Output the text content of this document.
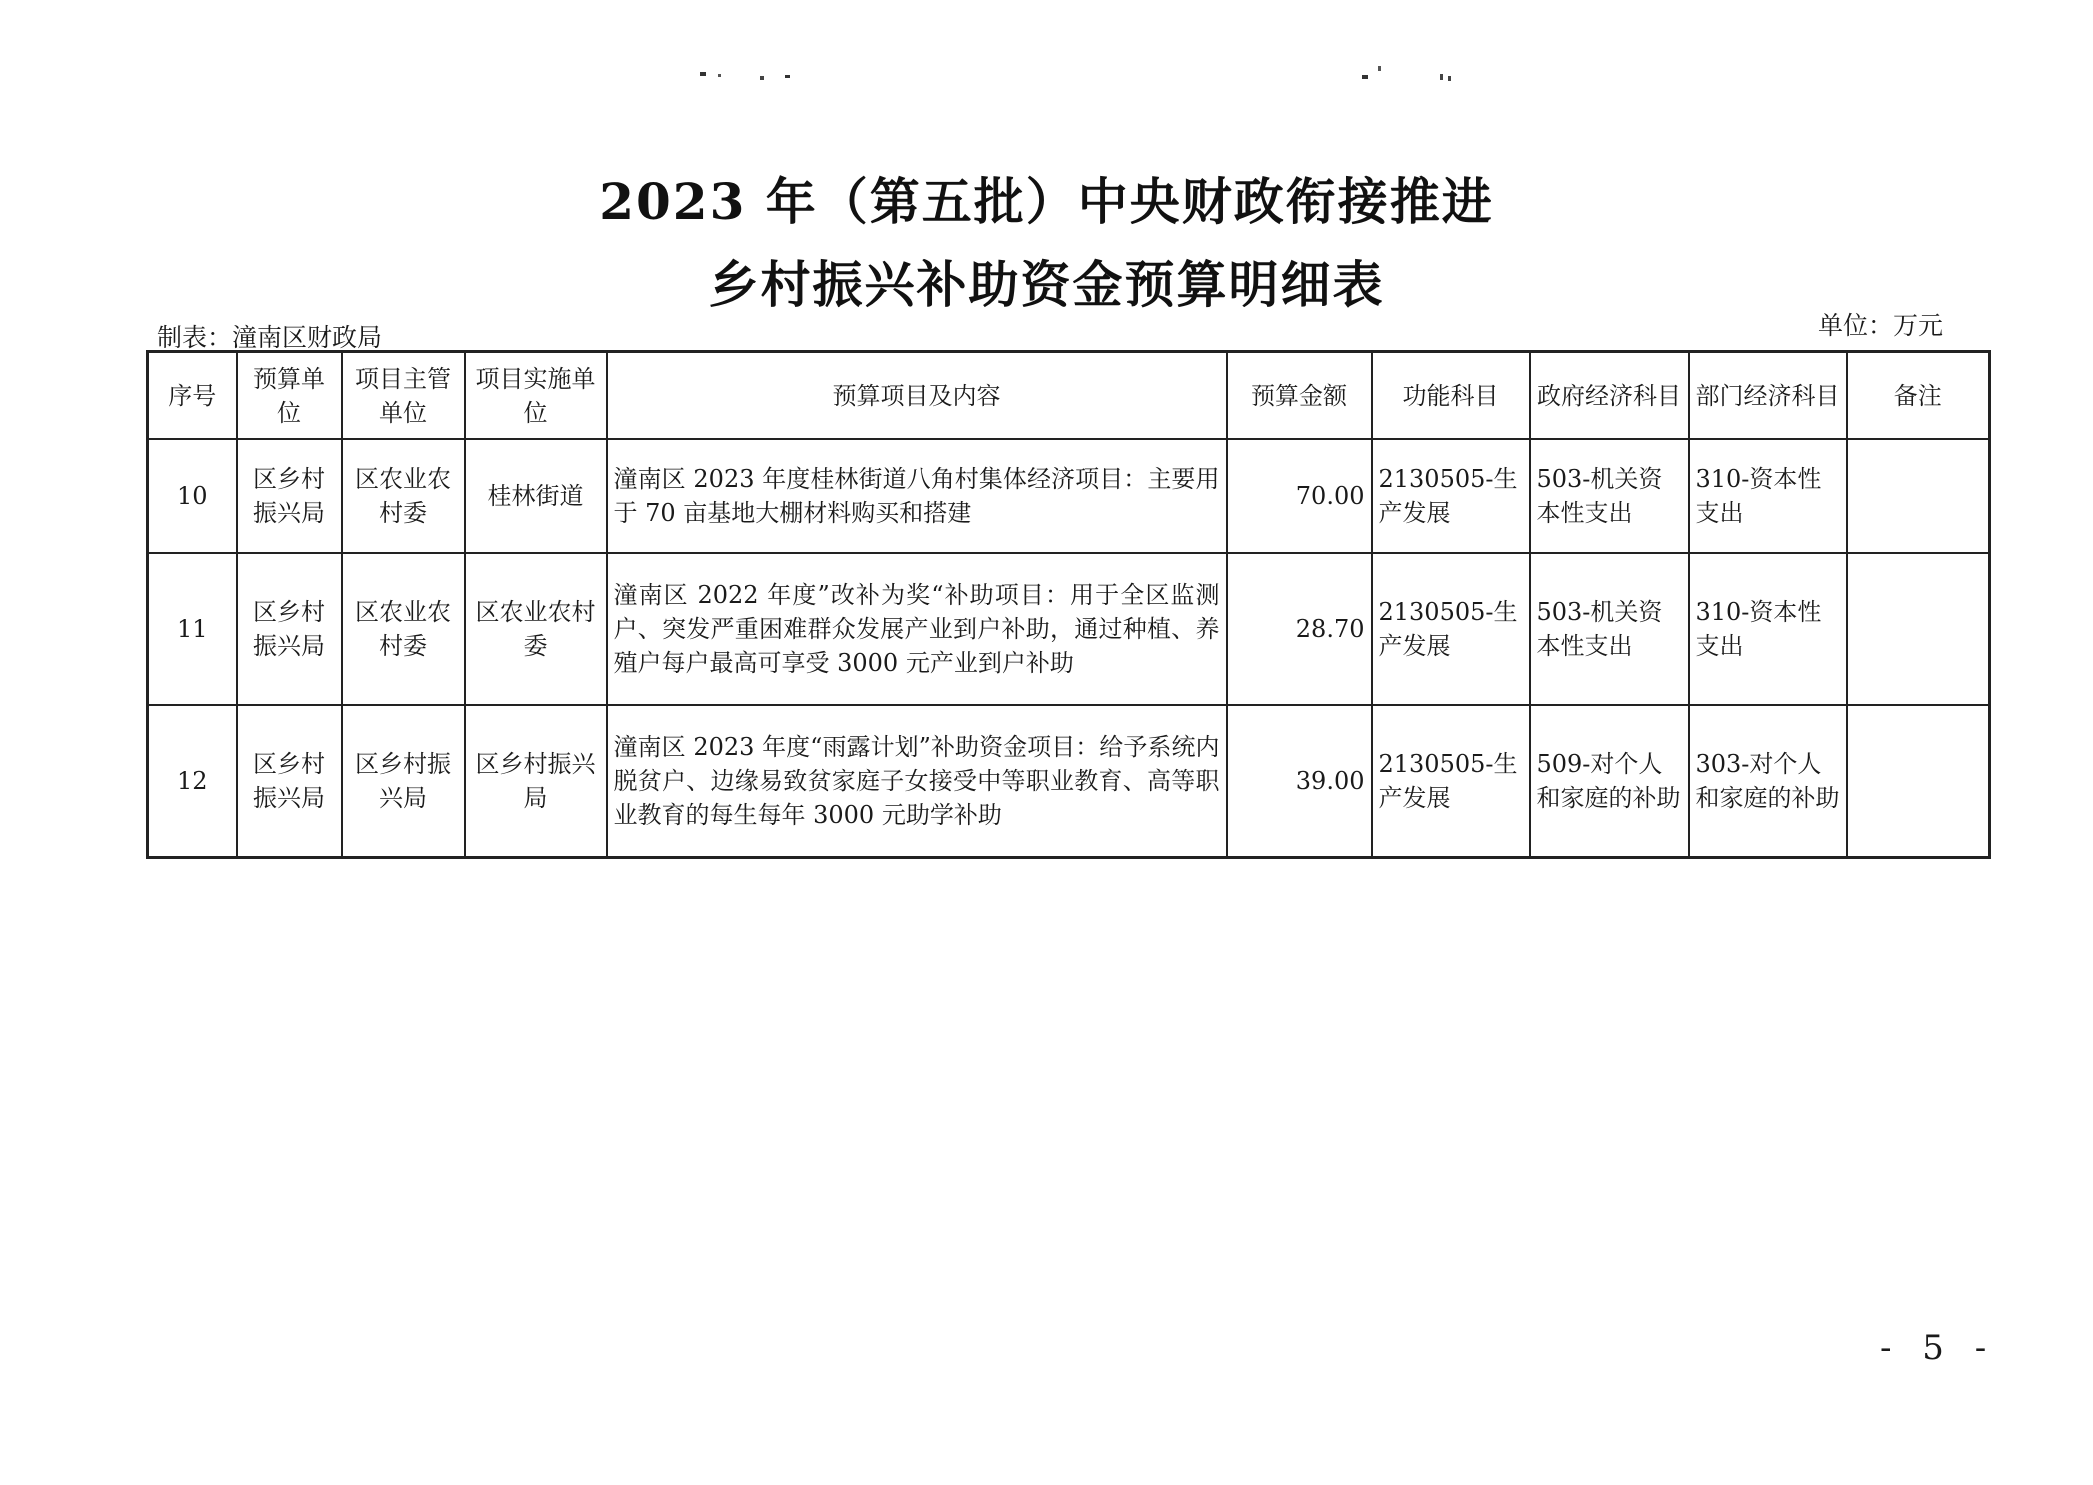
2023 年（第五批）中央财政衔接推进
乡村振兴补助资金预算明细表
制表：潼南区财政局	单位：万元
序号	预算单位	项目主管单位	项目实施单位	预算项目及内容	预算金额	功能科目	政府经济科目	部门经济科目	备注
10	区乡村振兴局	区农业农村委	桂林街道	潼南区 2023 年度桂林街道八角村集体经济项目：主要用于 70 亩基地大棚材料购买和搭建	70.00	2130505-生产发展	503-机关资本性支出	310-资本性支出	
11	区乡村振兴局	区农业农村委	区农业农村委	潼南区 2022 年度”改补为奖“补助项目：用于全区监测户、突发严重困难群众发展产业到户补助，通过种植、养殖户每户最高可享受 3000 元产业到户补助	28.70	2130505-生产发展	503-机关资本性支出	310-资本性支出	
12	区乡村振兴局	区乡村振兴局	区乡村振兴局	潼南区 2023 年度“雨露计划”补助资金项目：给予系统内脱贫户、边缘易致贫家庭子女接受中等职业教育、高等职业教育的每生每年 3000 元助学补助	39.00	2130505-生产发展	509-对个人和家庭的补助	303-对个人和家庭的补助	
- 5 -
